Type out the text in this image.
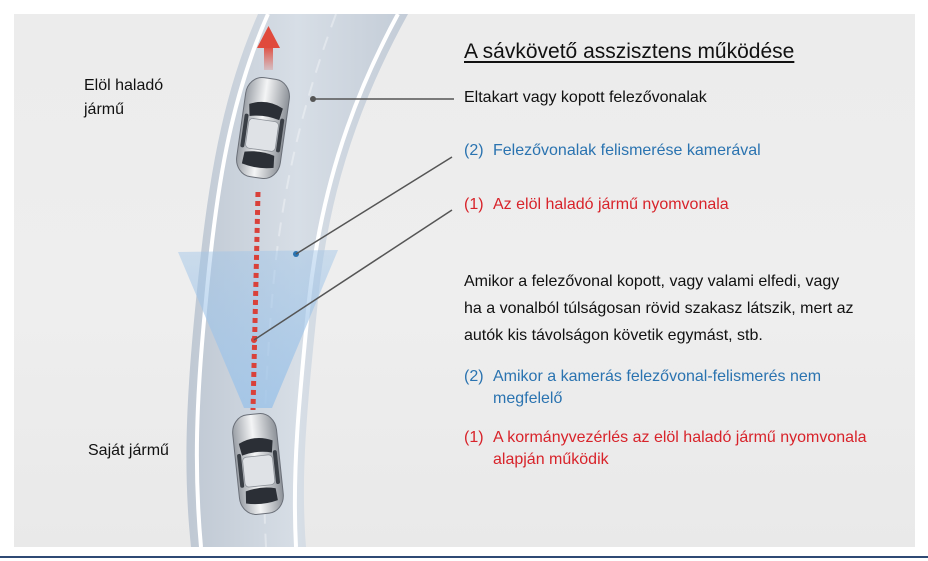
A sávkövető asszisztens működése

Elöl haladó
jármű

Saját jármű

Eltakart vagy kopott felezővonalak

(2) Felezővonalak felismerése kamerával

(1) Az elöl haladó jármű nyomvonala

Amikor a felezővonal kopott, vagy valami elfedi, vagy
ha a vonalból túlságosan rövid szakasz látszik, mert az
autók kis távolságon követik egymást, stb.

(2) Amikor a kamerás felezővonal-felismerés nem
megfelelő

(1) A kormányvezérlés az elöl haladó jármű nyomvonala
alapján működik
